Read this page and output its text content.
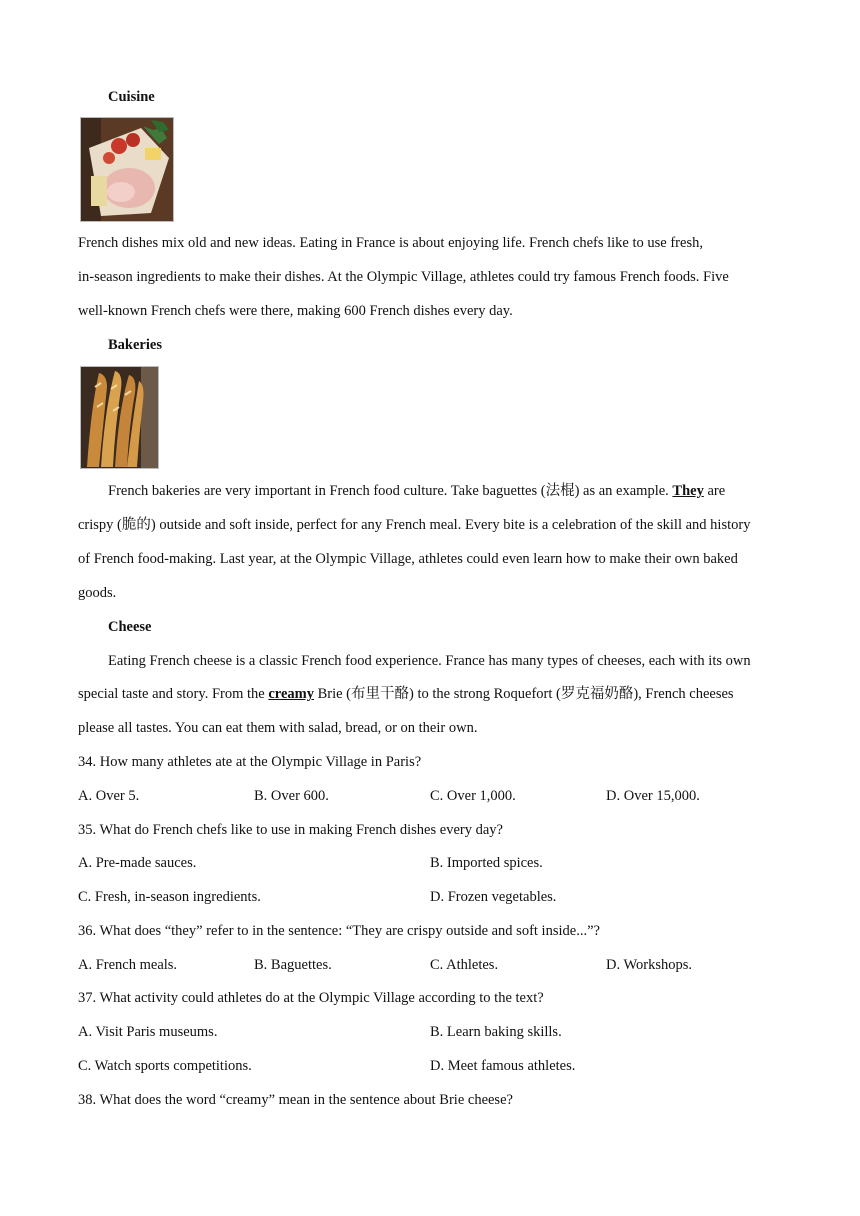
Cuisine
French dishes mix old and new ideas. Eating in France is about enjoying life. French chefs like to use fresh,
in-season ingredients to make their dishes. At the Olympic Village, athletes could try famous French foods. Five
well-known French chefs were there, making 600 French dishes every day.
Bakeries
French bakeries are very important in French food culture. Take baguettes (法棍) as an example. They are
crispy (脆的) outside and soft inside, perfect for any French meal. Every bite is a celebration of the skill and history
of French food-making. Last year, at the Olympic Village, athletes could even learn how to make their own baked
goods.
Cheese
Eating French cheese is a classic French food experience. France has many types of cheeses, each with its own
special taste and story. From the creamy Brie (布里干酪) to the strong Roquefort (罗克福奶酪), French cheeses
please all tastes. You can eat them with salad, bread, or on their own.
34. How many athletes ate at the Olympic Village in Paris?
A. Over 5.	B. Over 600.	C. Over 1,000.	D. Over 15,000.
35. What do French chefs like to use in making French dishes every day?
A. Pre-made sauces.	B. Imported spices.
C. Fresh, in-season ingredients.	D. Frozen vegetables.
36. What does “they” refer to in the sentence: “They are crispy outside and soft inside...”?
A. French meals.	B. Baguettes.	C. Athletes.	D. Workshops.
37. What activity could athletes do at the Olympic Village according to the text?
A. Visit Paris museums.	B. Learn baking skills.
C. Watch sports competitions.	D. Meet famous athletes.
38. What does the word “creamy” mean in the sentence about Brie cheese?
